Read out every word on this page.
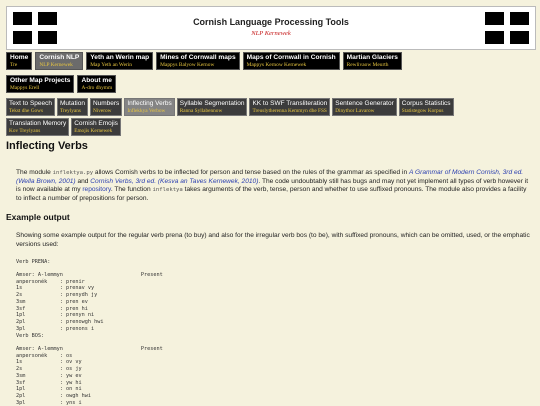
Cornish Language Processing Tools
NLP Kernewek
Home
Tre
Cornish NLP
NLP Kernewek
Yeth an Werin map
Map Yeth an Werin
Mines of Cornwall maps
Mappys Balyow Kernow
Maps of Cornwall in Cornish
Mappys Kernow Kernewek
Martian Glaciers
Rewlivaow Meurth
Other Map Projects
Mappys Erell
About me
A-dro dhymm
Text to Speech
Tekst dhe Gows
Mutation
Treylyans
Numbers
Niverow
Inflecting Verbs
Inflekkya Verbow
Syllable Segmentation
Ranna Syllabennow
KK to SWF Transliteration
Treuslytherenna Kemmyn dhe FSS
Sentence Generator
Dinythor Lavarow
Corpus Statistics
Statistegow Korpus
Translation Memory
Kov Treylyans
Cornish Emojis
Emojis Kernewek
Inflecting Verbs

The module inflektya.py allows Cornish verbs to be inflected for person and tense based on the rules of the grammar as specified in A Grammar of Modern Cornish, 3rd ed. (Wella Brown, 2001) and Cornish Verbs, 3rd ed. (Kesva an Taves Kernewek, 2010). The code undoubtably still has bugs and may not yet implement all types of verb however it is now available at my repository. The function inflektya takes arguments of the verb, tense, person and whether to use suffixed pronouns. The module also provides a facility to inflect a number of prepositions for person.

Example output

Showing some example output for the regular verb prena (to buy) and also for the irregular verb bos (to be), with suffixed pronouns, which can be omitted, used, or the emphatic versions used:

Verb PRENA:
Amser: A-lemmyn                         Present
anpersonék    : prenir
1s            : prenav vy
2s            : prenydh jy
3sm           : pren ev
3sf           : pren hi
1pl           : prenyn ni
2pl           : prenowgh hwi
3pl           : prenons i
Verb BOS:
Amser: A-lemmyn                         Present
anpersonék    : os
1s            : ov vy
2s            : os jy
3sm           : yw ev
3sf           : yw hi
1pl           : on ni
2pl           : owgh hwi
3pl           : yns i
